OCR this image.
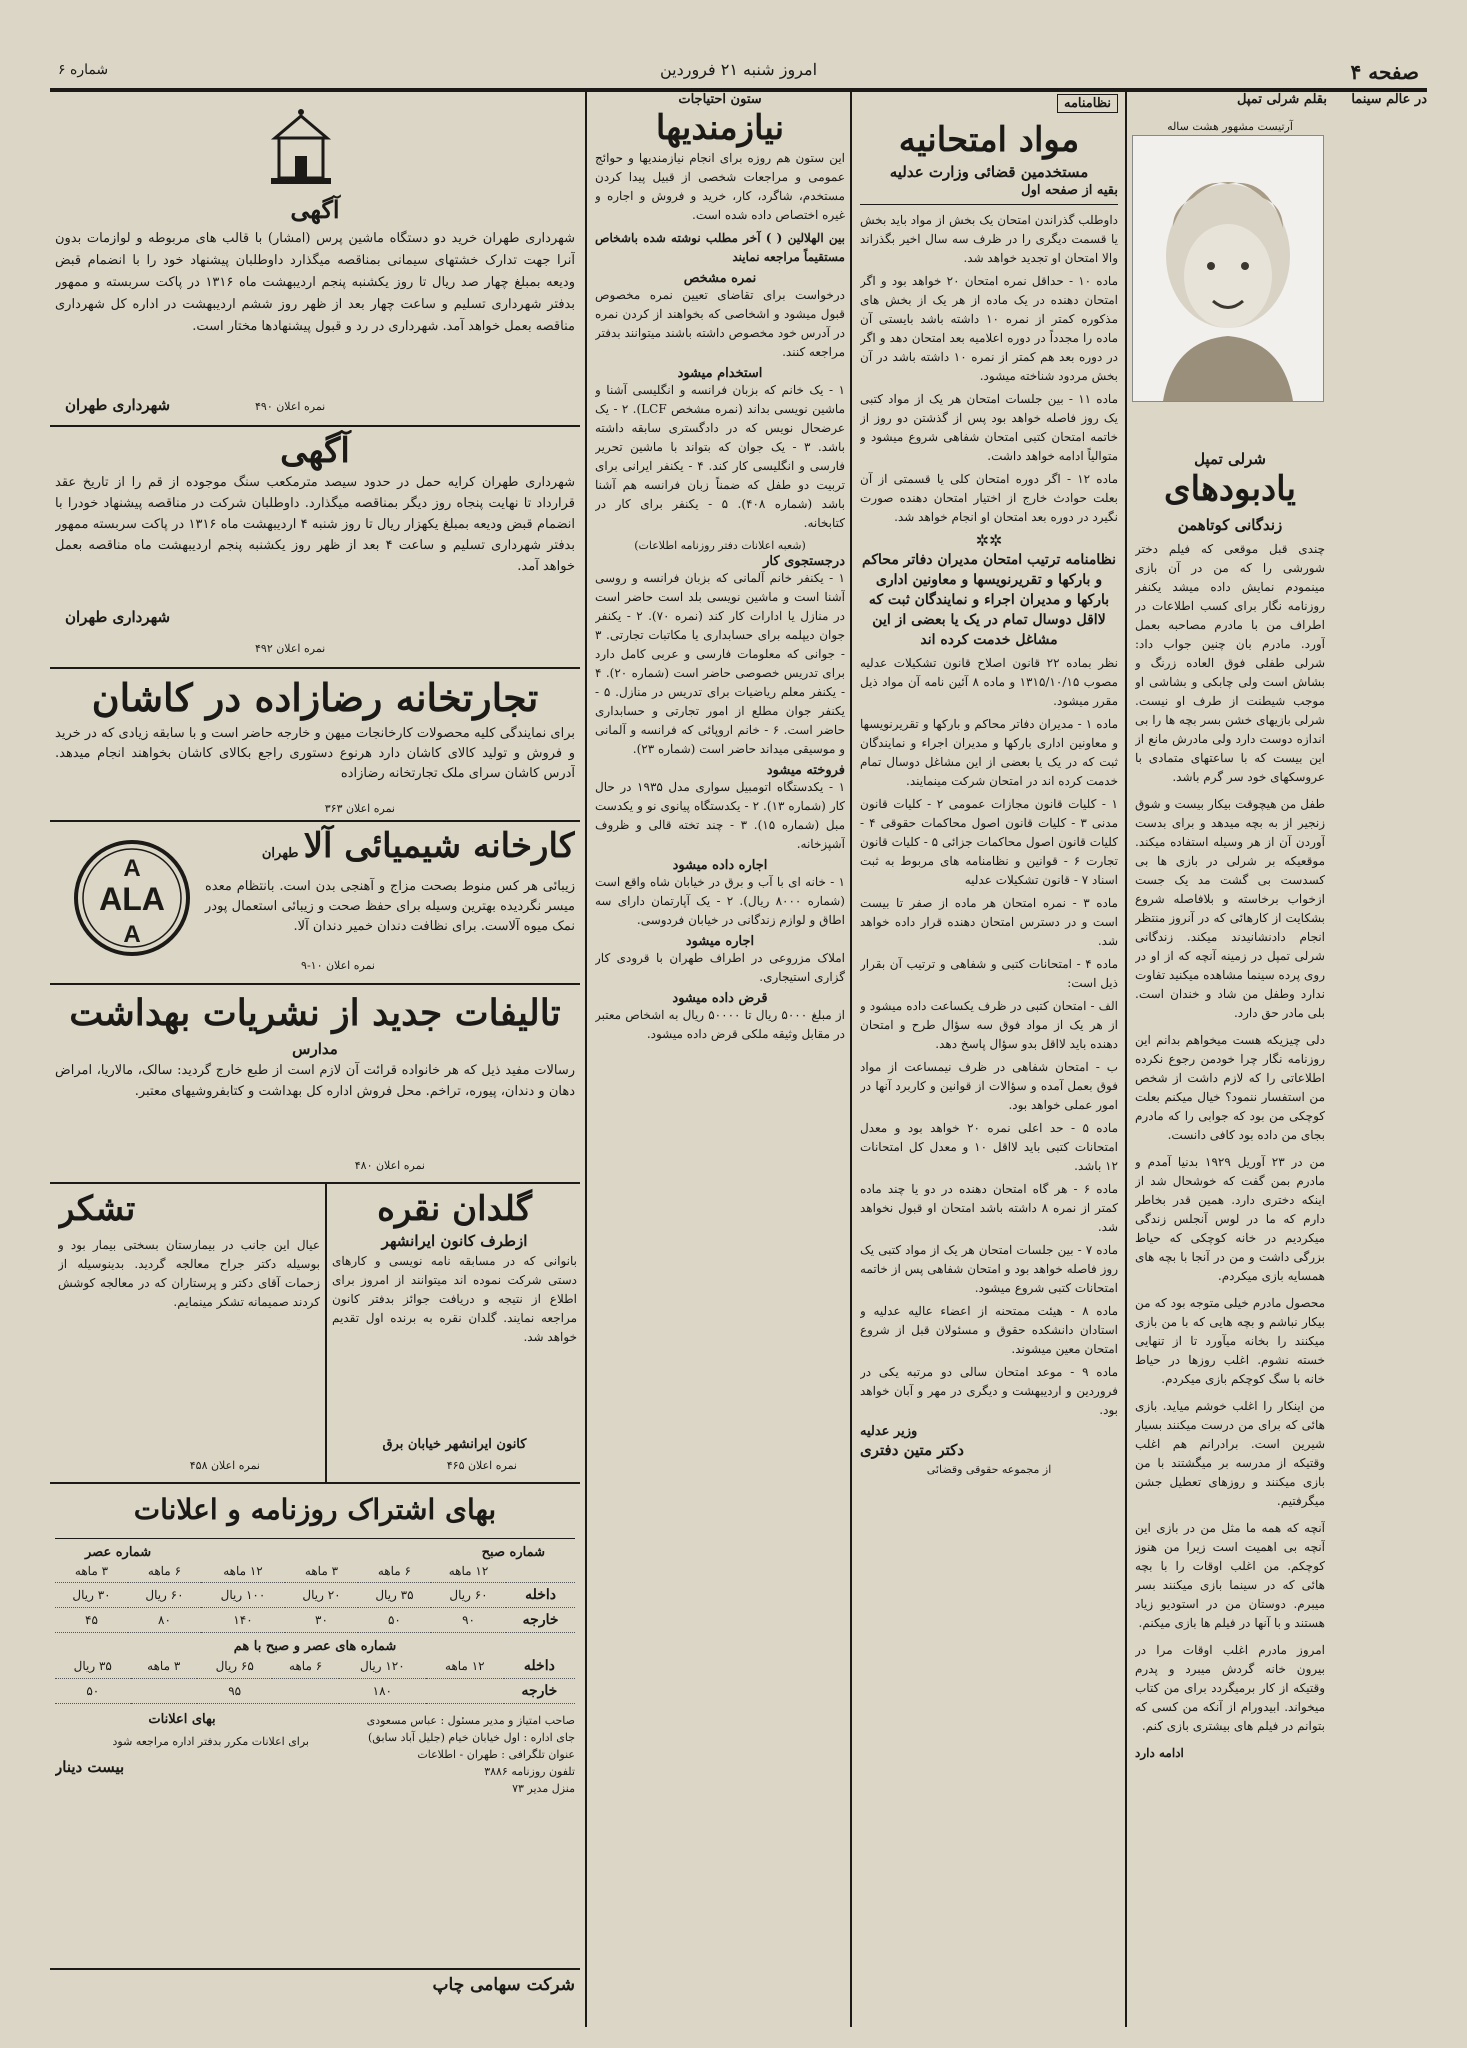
صفحه ۴
امروز شنبه ۲۱ فروردین
شماره ۶
در عالم سینما
بقلم شرلی تمپل
آرتیست مشهور هشت ساله
شرلی تمپل
یادبودهای
زندگانی کوتاهمن

چندی قبل موقعی که فیلم دختر شورشی را که من در آن بازی مینمودم نمایش داده میشد یکنفر روزنامه نگار برای کسب اطلاعات در اطراف من با مادرم مصاحبه بعمل آورد. مادرم بان چنین جواب داد: شرلی طفلی فوق العاده زرنگ و بشاش است ولی چابکی و بشاشی او موجب شیطنت از طرف او نیست. شرلی بازیهای خشن بسر بچه ها را بی اندازه دوست دارد ولی مادرش مانع از این بیست که با ساعتهای متمادی با عروسکهای خود سر گرم باشد.

طفل من هیچوقت بیکار بیست و شوق زنجیر از به بچه میدهد و برای بدست آوردن آن از هر وسیله استفاده میکند. موقعیکه بر شرلی در بازی ها بی کسدست بی گشت مد یک جست ازخواب برخاسته و بلافاصله شروع بشکایت از کارهائی که در آنروز منتظر انجام دادنشانیدند میکند. زندگانی شرلی تمپل در زمینه آنچه که از او در روی پرده سینما مشاهده میکنید تفاوت ندارد وطفل من شاد و خندان است. بلی مادر حق دارد.

دلی چیزیکه هست میخواهم بدانم این روزنامه نگار چرا خودمن رجوع نکرده اطلاعاتی را که لازم داشت از شخص من استفسار ننمود؟ خیال میکنم بعلت کوچکی من بود که جوابی را که مادرم بجای من داده بود کافی دانست.

من در ۲۳ آوریل ۱۹۲۹ بدنیا آمدم و مادرم بمن گفت که خوشحال شد از اینکه دختری دارد. همین قدر بخاطر دارم که ما در لوس آنجلس زندگی میکردیم در خانه کوچکی که حیاط بزرگی داشت و من در آنجا با بچه های همسایه بازی میکردم.

محصول مادرم خیلی متوجه بود که من بیکار نباشم و بچه هایی که با من بازی میکنند را بخانه میآورد تا از تنهایی خسته نشوم. اغلب روزها در حیاط خانه با سگ کوچکم بازی میکردم.

من اینکار را اغلب خوشم میاید. بازی هائی که برای من درست میکنند بسیار شیرین است. برادرانم هم اغلب وقتیکه از مدرسه بر میگشتند با من بازی میکنند و روزهای تعطیل جشن میگرفتیم.

آنچه که همه ما مثل من در بازی این آنچه بی اهمیت است زیرا من هنوز کوچکم. من اغلب اوقات را با بچه هائی که در سینما بازی میکنند بسر میبرم. دوستان من در استودیو زیاد هستند و با آنها در فیلم ها بازی میکنم.

امروز مادرم اغلب اوقات مرا در بیرون خانه گردش میبرد و پدرم وقتیکه از کار برمیگردد برای من کتاب میخواند. ابیدورام از آنکه من کسی که بتوانم در فیلم های بیشتری بازی کنم.

ادامه دارد

نظامنامه
مواد امتحانیه
مستخدمین قضائی وزارت عدلیه
بقیه از صفحه اول

داوطلب گذراندن امتحان یک بخش از مواد باید بخش یا قسمت دیگری را در ظرف سه سال اخیر بگذراند والا امتحان او تجدید خواهد شد.

ماده ۱۰ - حداقل نمره امتحان ۲۰ خواهد بود و اگر امتحان دهنده در یک ماده از هر یک از بخش های مذکوره کمتر از نمره ۱۰ داشته باشد بایستی آن ماده را مجدداً در دوره اعلامیه بعد امتحان دهد و اگر در دوره بعد هم کمتر از نمره ۱۰ داشته باشد در آن بخش مردود شناخته میشود.

ماده ۱۱ - بین جلسات امتحان هر یک از مواد کتبی یک روز فاصله خواهد بود پس از گذشتن دو روز از خاتمه امتحان کتبی امتحان شفاهی شروع میشود و متوالیاً ادامه خواهد داشت.

ماده ۱۲ - اگر دوره امتحان کلی یا قسمتی از آن بعلت حوادث خارج از اختیار امتحان دهنده صورت نگیرد در دوره بعد امتحان او انجام خواهد شد.

✲✲
نظامنامه ترتیب امتحان مدیران دفاتر محاکم و بارکها و تقریرنویسها و معاونین اداری بارکها و مدیران اجراء و نمایندگان ثبت که لااقل دوسال تمام در یک یا بعضی از این مشاغل خدمت کرده اند

نظر بماده ۲۲ قانون اصلاح قانون تشکیلات عدلیه مصوب ۱۳۱۵/۱۰/۱۵ و ماده ۸ آئین نامه آن مواد ذیل مقرر میشود.

ماده ۱ - مدیران دفاتر محاکم و بارکها و تقریرنویسها و معاونین اداری بارکها و مدیران اجراء و نمایندگان ثبت که در یک یا بعضی از این مشاغل دوسال تمام خدمت کرده اند در امتحان شرکت مینمایند.

۱ - کلیات قانون مجازات عمومی ۲ - کلیات قانون مدنی ۳ - کلیات قانون اصول محاکمات حقوقی ۴ - کلیات قانون اصول محاکمات جزائی ۵ - کلیات قانون تجارت ۶ - قوانین و نظامنامه های مربوط به ثبت اسناد ۷ - قانون تشکیلات عدلیه

ماده ۳ - نمره امتحان هر ماده از صفر تا بیست است و در دسترس امتحان دهنده قرار داده خواهد شد.

ماده ۴ - امتحانات کتبی و شفاهی و ترتیب آن بقرار ذیل است:

الف - امتحان کتبی در ظرف یکساعت داده میشود و از هر یک از مواد فوق سه سؤال طرح و امتحان دهنده باید لااقل بدو سؤال پاسخ دهد.

ب - امتحان شفاهی در ظرف نیمساعت از مواد فوق بعمل آمده و سؤالات از قوانین و کاربرد آنها در امور عملی خواهد بود.

ماده ۵ - حد اعلی نمره ۲۰ خواهد بود و معدل امتحانات کتبی باید لااقل ۱۰ و معدل کل امتحانات ۱۲ باشد.

ماده ۶ - هر گاه امتحان دهنده در دو یا چند ماده کمتر از نمره ۸ داشته باشد امتحان او قبول نخواهد شد.

ماده ۷ - بین جلسات امتحان هر یک از مواد کتبی یک روز فاصله خواهد بود و امتحان شفاهی پس از خاتمه امتحانات کتبی شروع میشود.

ماده ۸ - هیئت ممتحنه از اعضاء عالیه عدلیه و استادان دانشکده حقوق و مسئولان قبل از شروع امتحان معین میشوند.

ماده ۹ - موعد امتحان سالی دو مرتبه یکی در فروردین و اردیبهشت و دیگری در مهر و آبان خواهد بود.

وزیر عدلیه
دکتر متین دفتری
از مجموعه حقوقی وقضائی
ستون احتیاجات
نیازمندیها

این ستون هم روزه برای انجام نیازمندیها و حوائج عمومی و مراجعات شخصی از قبیل پیدا کردن مستخدم، شاگرد، کار، خرید و فروش و اجاره و غیره اختصاص داده شده است.

بین الهلالین ( ) آخر مطلب نوشته شده باشخاص مستقیماً مراجعه نمایند

نمره مشخص

درخواست برای تقاضای تعیین نمره مخصوص قبول میشود و اشخاصی که بخواهند از کردن نمره در آدرس خود مخصوص داشته باشند میتوانند بدفتر مراجعه کنند.

استخدام میشود

۱ - یک خانم که بزبان فرانسه و انگلیسی آشنا و ماشین نویسی بداند (نمره مشخص LCF). ۲ - یک عرضحال نویس که در دادگستری سابقه داشته باشد. ۳ - یک جوان که بتواند با ماشین تحریر فارسی و انگلیسی کار کند. ۴ - یکنفر ایرانی برای تربیت دو طفل که ضمناً زبان فرانسه هم آشنا باشد (شماره ۴۰۸). ۵ - یکنفر برای کار در کتابخانه.

(شعبه اعلانات دفتر روزنامه اطلاعات)
درجستجوی کار

۱ - یکنفر خانم آلمانی که بزبان فرانسه و روسی آشنا است و ماشین نویسی بلد است حاضر است در منازل یا ادارات کار کند (نمره ۷۰). ۲ - یکنفر جوان دیپلمه برای حسابداری یا مکاتبات تجارتی. ۳ - جوانی که معلومات فارسی و عربی کامل دارد برای تدریس خصوصی حاضر است (شماره ۲۰). ۴ - یکنفر معلم ریاضیات برای تدریس در منازل. ۵ - یکنفر جوان مطلع از امور تجارتی و حسابداری حاضر است. ۶ - خانم اروپائی که فرانسه و آلمانی و موسیقی میداند حاضر است (شماره ۲۳).

فروخته میشود

۱ - یکدستگاه اتومبیل سواری مدل ۱۹۳۵ در حال کار (شماره ۱۳). ۲ - یکدستگاه پیانوی نو و یکدست مبل (شماره ۱۵). ۳ - چند تخته قالی و ظروف آشپزخانه.

اجاره داده میشود

۱ - خانه ای با آب و برق در خیابان شاه واقع است (شماره ۸۰۰۰ ریال). ۲ - یک آپارتمان دارای سه اطاق و لوازم زندگانی در خیابان فردوسی.

اجاره میشود

املاک مزروعی در اطراف طهران با قرودی کار گزاری استیجاری.

قرض داده میشود

از مبلغ ۵۰۰۰ ریال تا ۵۰۰۰۰ ریال به اشخاص معتبر در مقابل وثیقه ملکی قرض داده میشود.

آگهی
شهرداری طهران خرید دو دستگاه ماشین پرس (امشار) با قالب های مربوطه و لوازمات بدون آنرا جهت تدارک خشتهای سیمانی بمناقصه میگذارد داوطلبان پیشنهاد خود را با انضمام قبض ودیعه بمبلغ چهار صد ریال تا روز یکشنبه پنجم اردیبهشت ماه ۱۳۱۶ در پاکت سربسته و ممهور بدفتر شهرداری تسلیم و ساعت چهار بعد از ظهر روز ششم اردیبهشت در اداره کل شهرداری مناقصه بعمل خواهد آمد. شهرداری در رد و قبول پیشنهادها مختار است.
نمره اعلان ۴۹۰
شهرداری طهران
آگهی
شهرداری طهران کرایه حمل در حدود سیصد مترمکعب سنگ موجوده از قم را از تاریخ عقد قرارداد تا نهایت پنجاه روز دیگر بمناقصه میگذارد. داوطلبان شرکت در مناقصه پیشنهاد خودرا با انضمام قبض ودیعه بمبلغ یکهزار ریال تا روز شنبه ۴ اردیبهشت ماه ۱۳۱۶ در پاکت سربسته ممهور بدفتر شهرداری تسلیم و ساعت ۴ بعد از ظهر روز یکشنبه پنجم اردیبهشت ماه مناقصه بعمل خواهد آمد.
شهرداری طهران
نمره اعلان ۴۹۲
تجارتخانه رضازاده در کاشان
برای نمایندگی کلیه محصولات کارخانجات میهن و خارجه حاضر است و با سابقه زیادی که در خرید و فروش و تولید کالای کاشان دارد هرنوع دستوری راجع بکالای کاشان بخواهند انجام میدهد. آدرس کاشان سرای ملک تجارتخانه رضازاده
نمره اعلان ۳۶۳
کارخانه شیمیائی آلا طهران
زیبائی هر کس منوط بصحت مزاج و آهنجی بدن است. بانتظام معده میسر نگردیده بهترین وسیله برای حفظ صحت و زیبائی استعمال پودر نمک میوه آلاست. برای نظافت دندان خمیر دندان آلا.
نمره اعلان ۱۰-۹
A
ALA
A
تالیفات جدید از نشریات بهداشت
مدارس
رسالات مفید ذیل که هر خانواده قرائت آن لازم است از طبع خارج گردید: سالک، مالاریا، امراض دهان و دندان، پیوره، تراخم. محل فروش اداره کل بهداشت و کتابفروشیهای معتبر.
نمره اعلان ۴۸۰
گلدان نقره
ازطرف کانون ایرانشهر
بانوانی که در مسابقه نامه نویسی و کارهای دستی شرکت نموده اند میتوانند از امروز برای اطلاع از نتیجه و دریافت جوائز بدفتر کانون مراجعه نمایند. گلدان نقره به برنده اول تقدیم خواهد شد.
کانون ایرانشهر خیابان برق
نمره اعلان ۴۶۵
تشکر
عیال این جانب در بیمارستان بسختی بیمار بود و بوسیله دکتر جراح معالجه گردید. بدینوسیله از زحمات آقای دکتر و پرستاران که در معالجه کوشش کردند صمیمانه تشکر مینمایم.
نمره اعلان ۴۵۸
بهای اشتراک روزنامه و اعلانات
شماره صبح
شماره عصر
	۱۲ ماهه	۶ ماهه	۳ ماهه	۱۲ ماهه	۶ ماهه	۳ ماهه
داخله	۶۰ ریال	۳۵ ریال	۲۰ ریال	۱۰۰ ریال	۶۰ ریال	۳۰ ریال
خارجه	۹۰	۵۰	۳۰	۱۴۰	۸۰	۴۵
شماره های عصر و صبح با هم
داخله	۱۲ ماهه	۱۲۰ ریال	۶ ماهه	۶۵ ریال	۳ ماهه	۳۵ ریال
خارجه		۱۸۰		۹۵		۵۰
صاحب امتیاز و مدیر مسئول : عباس مسعودی
جای اداره : اول خیابان خیام (جلیل آباد سابق)
عنوان تلگرافی : طهران - اطلاعات
تلفون روزنامه ۳۸۸۶
منزل مدیر ۷۳
بهای اعلانات
برای اعلانات مکرر بدفتر اداره مراجعه شود
بیست دینار
شرکت سهامی چاپ
